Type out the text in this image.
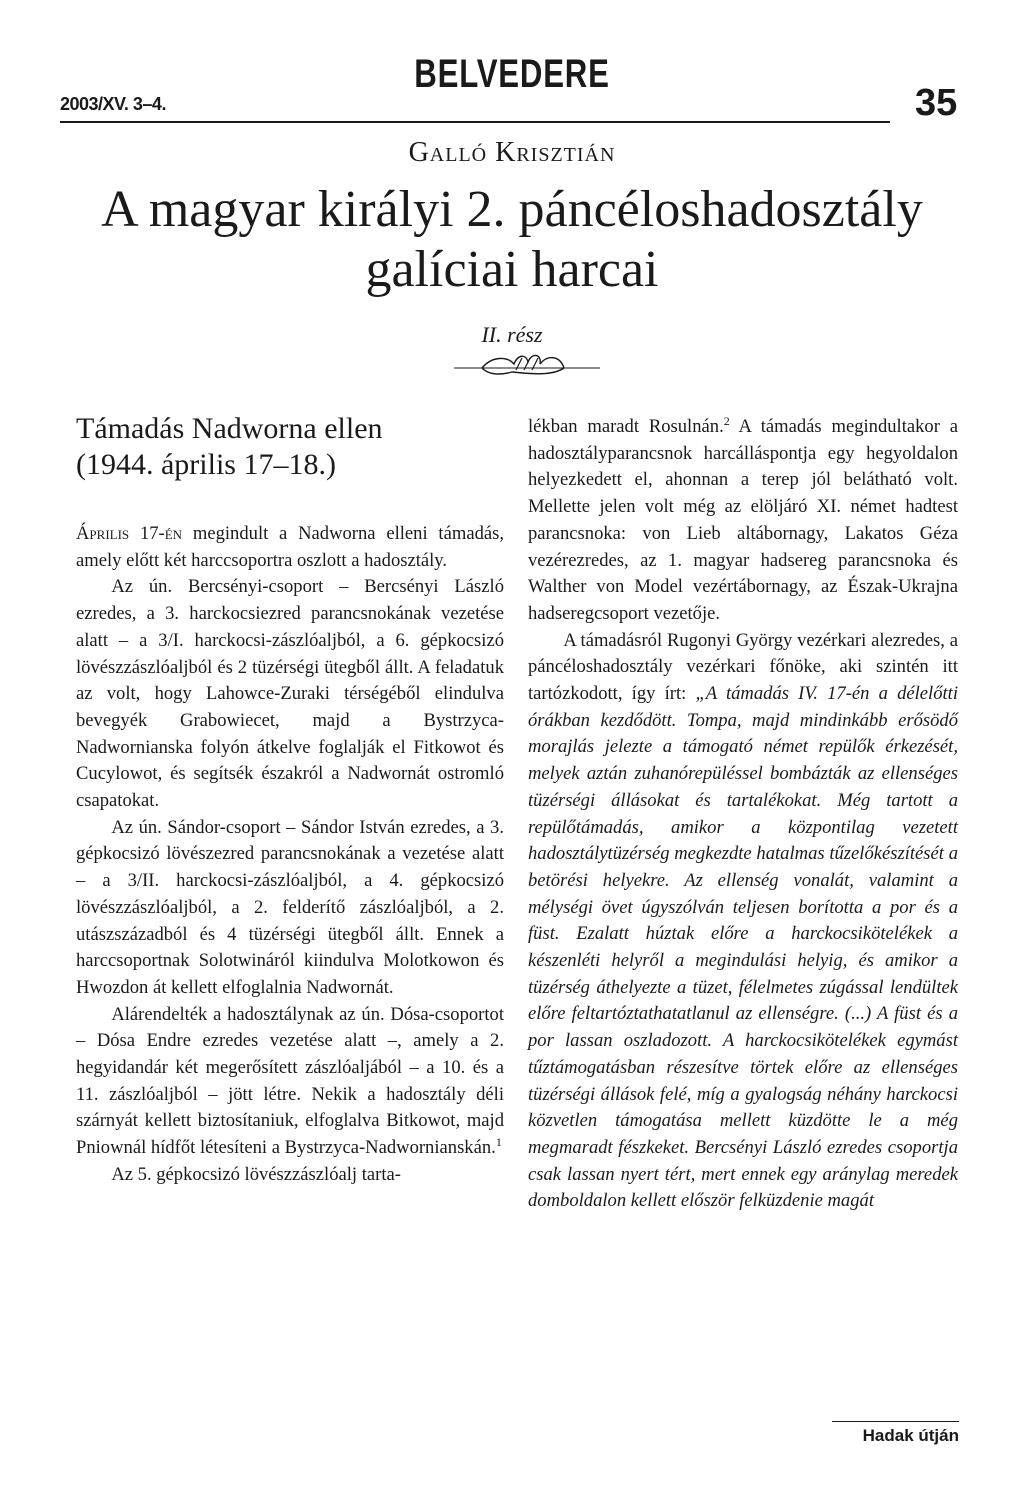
2003/XV. 3–4.
BELVEDERE
35
Galló Krisztián
A magyar királyi 2. páncéloshadosztály
galíciai harcai
II. rész
Támadás Nadworna ellen
(1944. április 17–18.)

Április 17-én megindult a Nadworna elleni támadás, amely előtt két harccsoportra oszlott a hadosztály.

Az ún. Bercsényi-csoport – Bercsényi László ezredes, a 3. harckocsiezred parancsnokának vezetése alatt – a 3/I. harckocsi-zászlóaljból, a 6. gépkocsizó lövészzászlóaljból és 2 tüzérségi ütegből állt. A feladatuk az volt, hogy Lahowce-Zuraki térségéből elindulva bevegyék Grabowiecet, majd a Bystrzyca-Nadwornianska folyón átkelve foglalják el Fitkowot és Cucylowot, és segítsék északról a Nadwornát ostromló csapatokat.

Az ún. Sándor-csoport – Sándor István ezredes, a 3. gépkocsizó lövészezred parancsnokának a vezetése alatt – a 3/II. harckocsi-zászlóaljból, a 4. gépkocsizó lövészzászlóaljból, a 2. felderítő zászlóaljból, a 2. utászszázadból és 4 tüzérségi ütegből állt. Ennek a harccsoportnak Solotwináról kiindulva Molotkowon és Hwozdon át kellett elfoglalnia Nadwornát.

Alárendelték a hadosztálynak az ún. Dósa-csoportot – Dósa Endre ezredes vezetése alatt –, amely a 2. hegyidandár két megerősített zászlóaljából – a 10. és a 11. zászlóaljból – jött létre. Nekik a hadosztály déli szárnyát kellett biztosítaniuk, elfoglalva Bitkowot, majd Pniownál hídfőt létesíteni a Bystrzyca-Nadwornianskán.$^1$

Az 5. gépkocsizó lövészzászlóalj tarta-

lékban maradt Rosulnán.$^2$ A támadás megindultakor a hadosztályparancsnok harcálláspontja egy hegyoldalon helyezkedett el, ahonnan a terep jól belátható volt. Mellette jelen volt még az elöljáró XI. német hadtest parancsnoka: von Lieb altábornagy, Lakatos Géza vezérezredes, az 1. magyar hadsereg parancsnoka és Walther von Model vezértábornagy, az Észak-Ukrajna hadseregcsoport vezetője.

A támadásról Rugonyi György vezérkari alezredes, a páncéloshadosztály vezérkari főnöke, aki szintén itt tartózkodott, így írt: „A támadás IV. 17-én a délelőtti órákban kezdődött. Tompa, majd mindinkább erősödő morajlás jelezte a támogató német repülők érkezését, melyek aztán zuhanórepüléssel bombázták az ellenséges tüzérségi állásokat és tartalékokat. Még tartott a repülőtámadás, amikor a központilag vezetett hadosztálytüzérség megkezdte hatalmas tűzelőkészítését a betörési helyekre. Az ellenség vonalát, valamint a mélységi övet úgyszólván teljesen borította a por és a füst. Ezalatt húztak előre a harckocsikötelékek a készenléti helyről a megindulási helyig, és amikor a tüzérség áthelyezte a tüzet, félelmetes zúgással lendültek előre feltartóztathatatlanul az ellenségre. (...) A füst és a por lassan oszladozott. A harckocsikötelékek egymást tűztámogatásban részesítve törtek előre az ellenséges tüzérségi állások felé, míg a gyalogság néhány harckocsi közvetlen támogatása mellett küzdötte le a még megmaradt fészkeket. Bercsényi László ezredes csoportja csak lassan nyert tért, mert ennek egy aránylag meredek domboldalon kellett először felküzdenie magát

Hadak útján
